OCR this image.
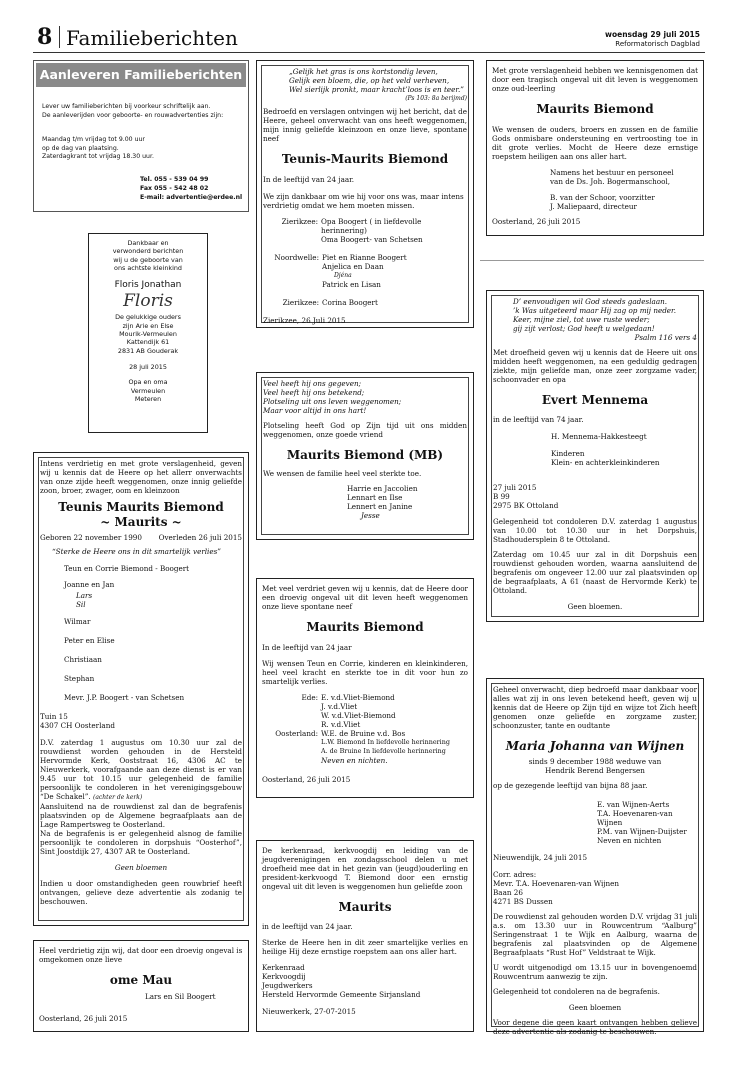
8 Familieberichten	woensdag 29 juli 2015
Reformatorisch Dagblad
Aanleveren Familieberichten
Lever uw familieberichten bij voorkeur schriftelijk aan.
De aanleverijden voor geboorte- en rouwadvertenties zijn:
Maandag t/m vrijdag tot 9.00 uur
op de dag van plaatsing.
Zaterdagkrant tot vrijdag 18.30 uur.
Tel. 055 - 539 04 99
Fax 055 - 542 48 02
E-mail: advertentie@erdee.nl
Dankbaar en
verwonderd berichten
wij u de geboorte van
ons achtste kleinkind
Floris Jonathan
Floris
De gelukkige ouders
zijn Arie en Else
Mourik-Vermeulen
Kattendijk 61
2831 AB Gouderak
28 juli 2015
Opa en oma
Vermeulen
Meteren

Intens verdrietig en met grote verslagenheid, geven wij u kennis dat de Heere op het allerr onverwachts van onze zijde heeft weggenomen, onze innig geliefde zoon, broer, zwager, oom en kleinzoon

Teunis Maurits Biemond

~ Maurits ~

Geboren 22 november 1990 Overleden 26 juli 2015

“Sterke de Heere ons in dit smartelijk verlies”

Teun en Corrie Biemond - Boogert
Joanne en Jan
Lars
Sil
Wilmar
Peter en Elise
Christiaan
Stephan
Mevr. J.P. Boogert - van Schetsen
Tuin 15
4307 CH Oosterland

D.V. zaterdag 1 augustus om 10.30 uur zal de rouwdienst worden gehouden in de Hersteld Hervormde Kerk, Ooststraat 16, 4306 AC te Nieuwerkerk, voorafgaande aan deze dienst is er van 9.45 uur tot 10.15 uur gelegenheid de familie persoonlijk te condoleren in het verenigingsgebouw “De Schakel”. (achter de kerk)

Aansluitend na de rouwdienst zal dan de begrafenis plaatsvinden op de Algemene begraafplaats aan de Lage Rampertsweg te Oosterland.

Na de begrafenis is er gelegenheid alsnog de familie persoonlijk te condoleren in dorpshuis “Oosterhof”, Sint Joostdijk 27, 4307 AR te Oosterland.

Geen bloemen

Indien u door omstandigheden geen rouwbrief heeft ontvangen, gelieve deze advertentie als zodanig te beschouwen.

Heel verdrietig zijn wij, dat door een droevig ongeval is omgekomen onze lieve

ome Mau

Lars en Sil Boogert

Oosterland, 26 juli 2015

„Gelijk het gras is ons kortstondig leven,
Gelijk een bloem, die, op het veld verheven,
Wel sierlijk pronkt, maar kracht’loos is en teer.”
(Ps 103: 8a berijmd)

Bedroefd en verslagen ontvingen wij het bericht, dat de Heere, geheel onverwacht van ons heeft weggenomen, mijn innig geliefde kleinzoon en onze lieve, spontane neef

Teunis-Maurits Biemond

In de leeftijd van 24 jaar.

We zijn dankbaar om wie hij voor ons was, maar intens verdrietig omdat we hem moeten missen.

Zierikzee: Opa Boogert ( in liefdevolle herinnering)
Oma Boogert- van Schetsen
Noordwelle: Piet en Rianne Boogert
Anjelica en Daan
Djéna
Patrick en Lisan
Zierikzee: Corina Boogert

Zierikzee, 26 Juli 2015

Veel heeft hij ons gegeven;
Veel heeft hij ons betekend;
Plotseling uit ons leven weggenomen;
Maar voor altijd in ons hart!

Plotseling heeft God op Zijn tijd uit ons midden weggenomen, onze goede vriend

Maurits Biemond (MB)

We wensen de familie heel veel sterkte toe.

Harrie en Jaccolien
Lennart en Ilse
Lennert en Janine
Jesse

Met veel verdriet geven wij u kennis, dat de Heere door een droevig ongeval uit dit leven heeft weggenomen onze lieve spontane neef

Maurits Biemond

In de leeftijd van 24 jaar

Wij wensen Teun en Corrie, kinderen en kleinkinderen, heel veel kracht en sterkte toe in dit voor hun zo smartelijk verlies.

Ede: E. v.d.Vliet-Biemond
J. v.d.Vliet
W. v.d.Vliet-Biemond
R. v.d.Vliet
Oosterland: W.E. de Bruine v.d. Bos
L.W. Biemond In liefdevolle herinnering
A. de Bruine In liefdevolle herinnering
Neven en nichten.

Oosterland, 26 juli 2015

De kerkenraad, kerkvoogdij en leiding van de jeugdverenigingen en zondagsschool delen u met droefheid mee dat in het gezin van (jeugd)ouderling en president-kerkvoogd T. Biemond door een ernstig ongeval uit dit leven is weggenomen hun geliefde zoon

Maurits

in de leeftijd van 24 jaar.

Sterke de Heere hen in dit zeer smartelijke verlies en heilige Hij deze ernstige roepstem aan ons aller hart.

Kerkenraad
Kerkvoogdij
Jeugdwerkers
Hersteld Hervormde Gemeente Sirjansland

Nieuwerkerk, 27-07-2015

Met grote verslagenheid hebben we kennisgenomen dat door een tragisch ongeval uit dit leven is weggenomen onze oud-leerling

Maurits Biemond

We wensen de ouders, broers en zussen en de familie Gods onmisbare ondersteuning en vertroosting toe in dit grote verlies. Mocht de Heere deze ernstige roepstem heiligen aan ons aller hart.

Namens het bestuur en personeel
van de Ds. Joh. Bogermanschool,
B. van der Schoor, voorzitter
J. Maliepaard, directeur

Oosterland, 26 juli 2015

D’ eenvoudigen wil God steeds gadeslaan.
’k Was uitgeteerd maar Hij zag op mij neder.
Keer, mijne ziel, tot uwe ruste weder;
gij zijt verlost; God heeft u welgedaan!
Psalm 116 vers 4

Met droefheid geven wij u kennis dat de Heere uit ons midden heeft weggenomen, na een geduldig gedragen ziekte, mijn geliefde man, onze zeer zorgzame vader, schoonvader en opa

Evert Mennema

in de leeftijd van 74 jaar.

H. Mennema-Hakkesteegt
Kinderen
Klein- en achterkleinkinderen
27 juli 2015
B 99
2975 BK Ottoland

Gelegenheid tot condoleren D.V. zaterdag 1 augustus van 10.00 tot 10.30 uur in het Dorpshuis, Stadhoudersplein 8 te Ottoland.

Zaterdag om 10.45 uur zal in dit Dorpshuis een rouwdienst gehouden worden, waarna aansluitend de begrafenis om ongeveer 12.00 uur zal plaatsvinden op de begraafplaats, A 61 (naast de Hervormde Kerk) te Ottoland.

Geen bloemen.

Geheel onverwacht, diep bedroefd maar dankbaar voor alles wat zij in ons leven betekend heeft, geven wij u kennis dat de Heere op Zijn tijd en wijze tot Zich heeft genomen onze geliefde en zorgzame zuster, schoonzuster, tante en oudtante

Maria Johanna van Wijnen

sinds 9 december 1988 weduwe van

Hendrik Berend Bengersen

op de gezegende leeftijd van bijna 88 jaar.

E. van Wijnen-Aerts
T.A. Hoevenaren-van Wijnen
P.M. van Wijnen-Duijster
Neven en nichten

Nieuwendijk, 24 juli 2015

Corr. adres:
Mevr. T.A. Hoevenaren-van Wijnen
Baan 26
4271 BS Dussen

De rouwdienst zal gehouden worden D.V. vrijdag 31 juli a.s. om 13.30 uur in Rouwcentrum “Aalburg” Seringenstraat 1 te Wijk en Aalburg, waarna de begrafenis zal plaatsvinden op de Algemene Begraafplaats “Rust Hof” Veldstraat te Wijk.

U wordt uitgenodigd om 13.15 uur in bovengenoemd Rouwcentrum aanwezig te zijn.

Gelegenheid tot condoleren na de begrafenis.

Geen bloemen

Voor degene die geen kaart ontvangen hebben gelieve deze advertentie als zodanig te beschouwen.
